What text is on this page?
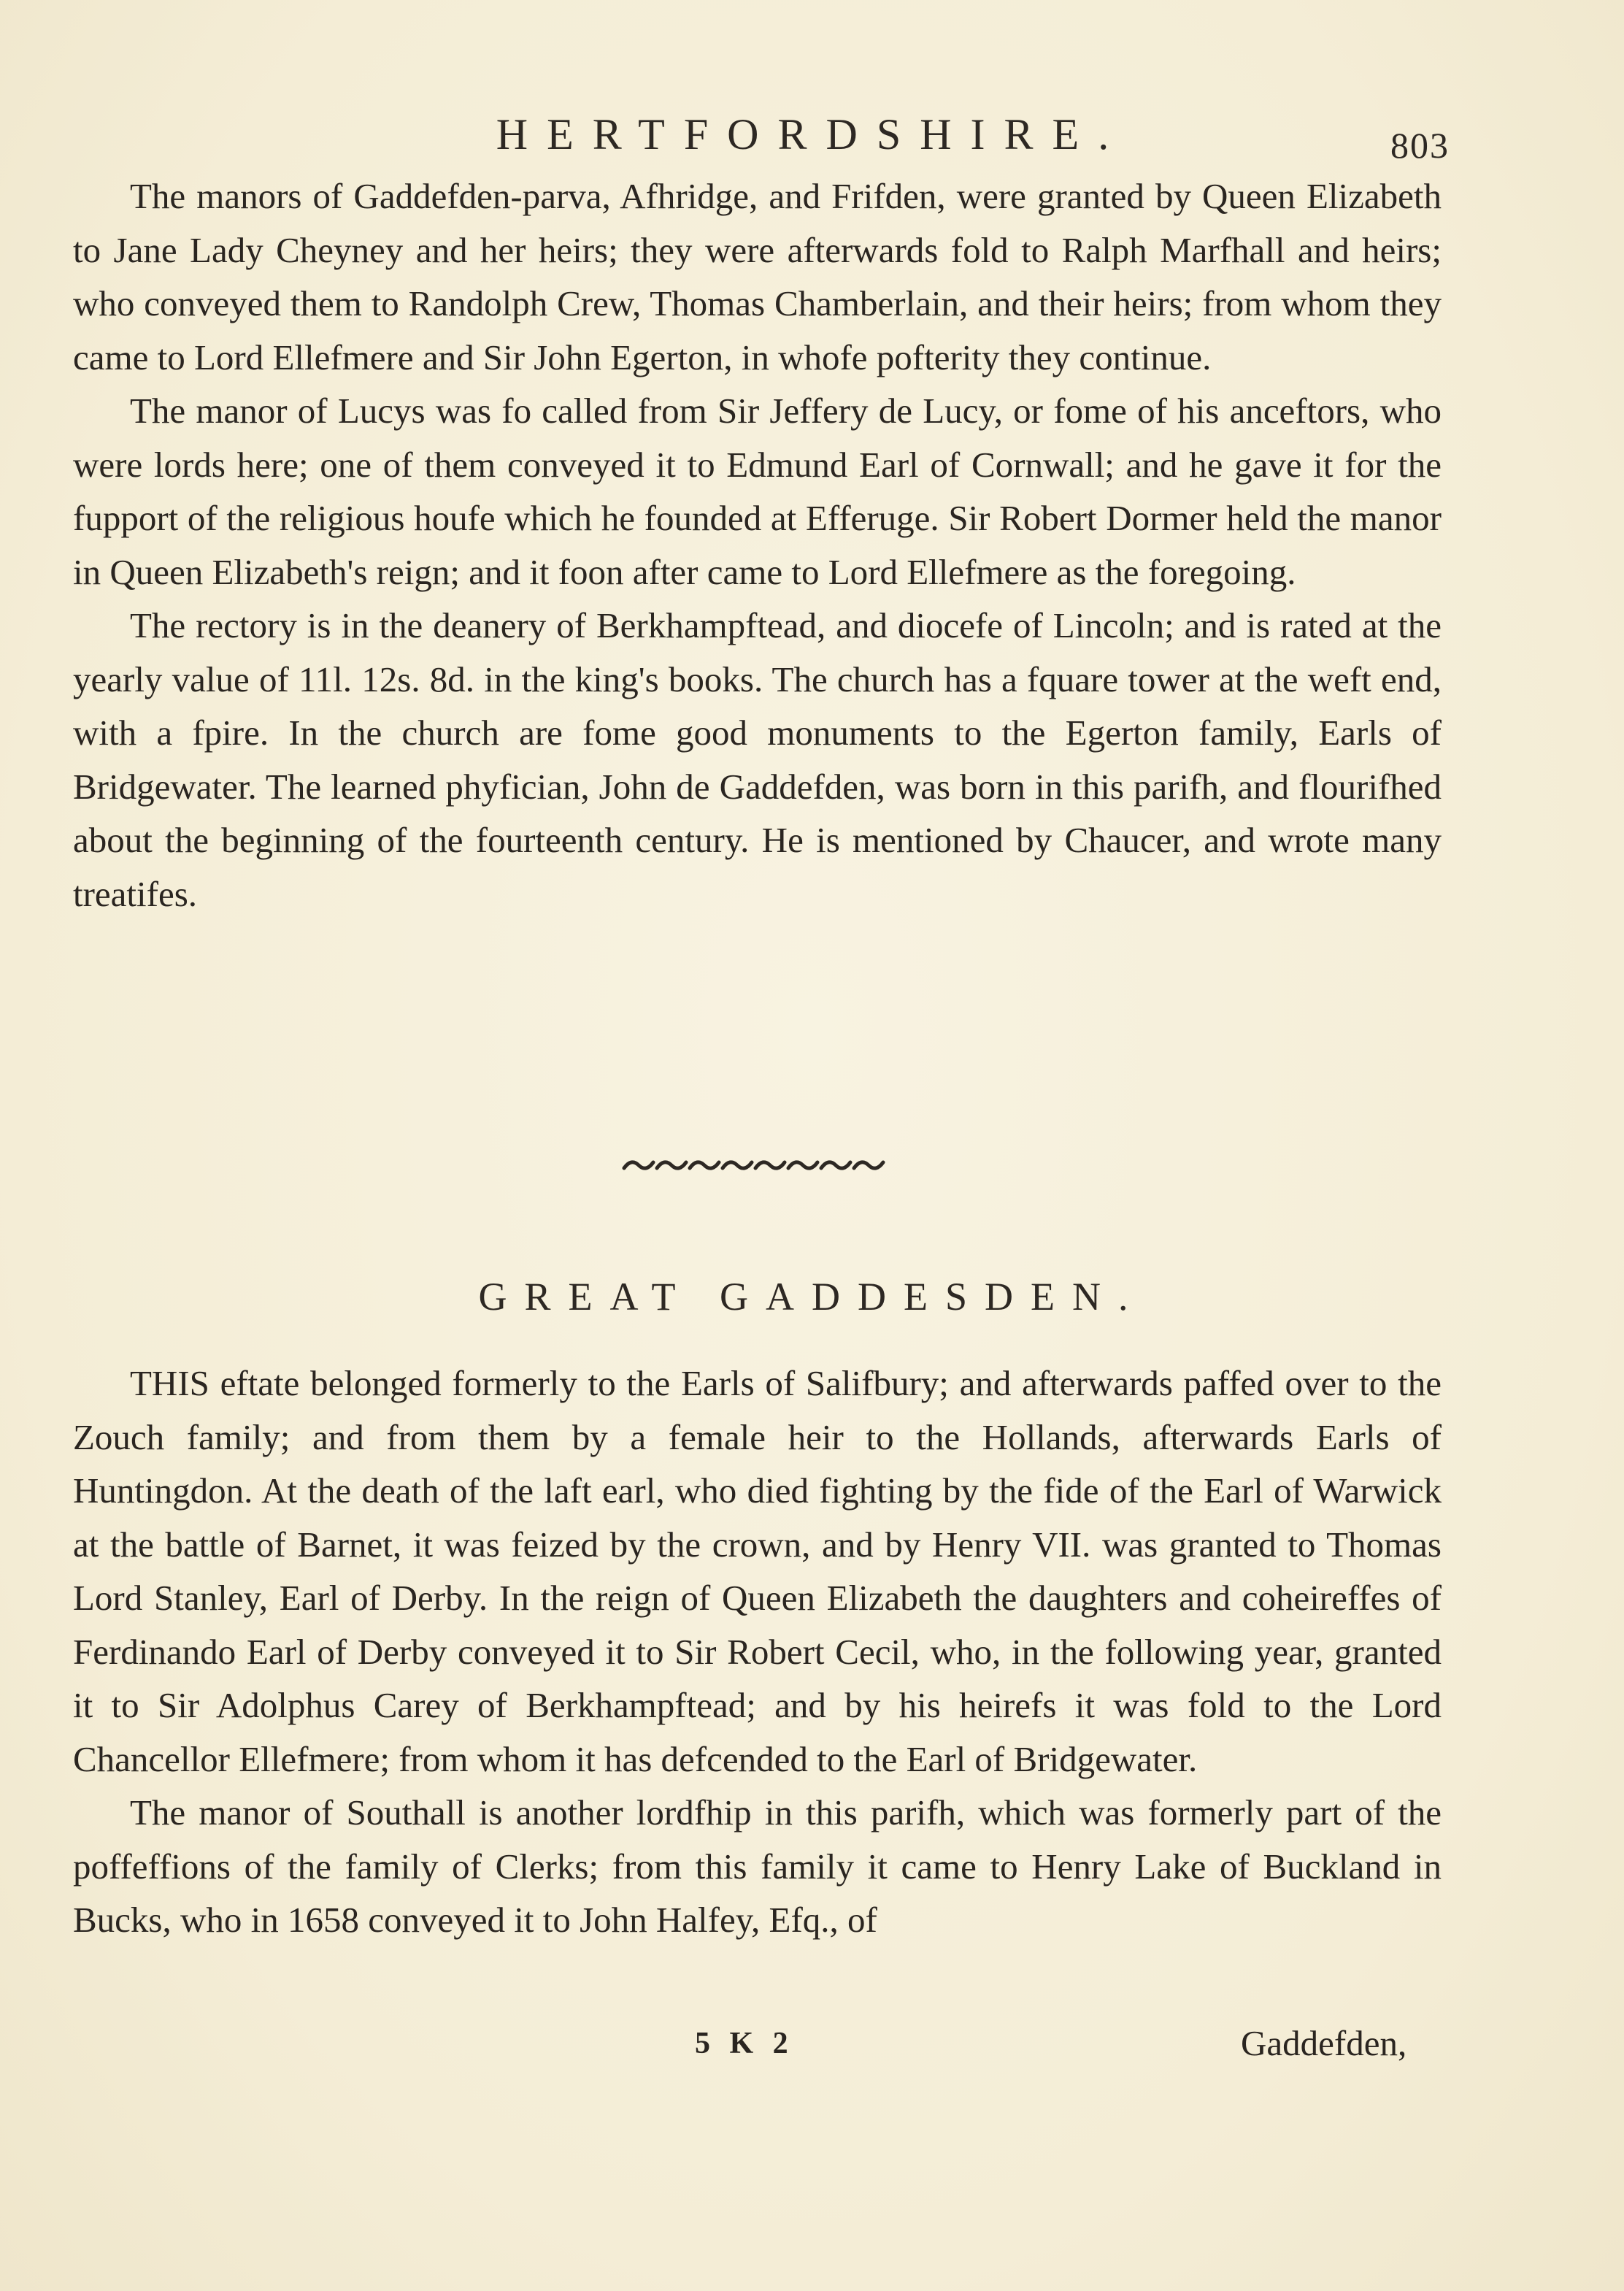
HERTFORDSHIRE.	803

The manors of Gaddefden-parva, Afhridge, and Frifden, were granted by Queen Elizabeth to Jane Lady Cheyney and her heirs; they were afterwards fold to Ralph Marfhall and heirs; who conveyed them to Randolph Crew, Thomas Chamberlain, and their heirs; from whom they came to Lord Ellefmere and Sir John Egerton, in whofe pofterity they continue.

The manor of Lucys was fo called from Sir Jeffery de Lucy, or fome of his anceftors, who were lords here; one of them conveyed it to Edmund Earl of Cornwall; and he gave it for the fupport of the religious houfe which he founded at Efferuge. Sir Robert Dormer held the manor in Queen Elizabeth's reign; and it foon after came to Lord Ellefmere as the foregoing.

The rectory is in the deanery of Berkhampftead, and diocefe of Lincoln; and is rated at the yearly value of 11l. 12s. 8d. in the king's books. The church has a fquare tower at the weft end, with a fpire. In the church are fome good monuments to the Egerton family, Earls of Bridgewater. The learned phyfician, John de Gaddefden, was born in this parifh, and flourifhed about the beginning of the fourteenth century. He is mentioned by Chaucer, and wrote many treatifes.

GREAT GADDESDEN.

THIS eftate belonged formerly to the Earls of Salifbury; and afterwards paffed over to the Zouch family; and from them by a female heir to the Hollands, afterwards Earls of Huntingdon. At the death of the laft earl, who died fighting by the fide of the Earl of Warwick at the battle of Barnet, it was feized by the crown, and by Henry VII. was granted to Thomas Lord Stanley, Earl of Derby. In the reign of Queen Elizabeth the daughters and coheireffes of Ferdinando Earl of Derby conveyed it to Sir Robert Cecil, who, in the following year, granted it to Sir Adolphus Carey of Berkhampftead; and by his heirefs it was fold to the Lord Chancellor Ellefmere; from whom it has defcended to the Earl of Bridgewater.

The manor of Southall is another lordfhip in this parifh, which was formerly part of the poffeffions of the family of Clerks; from this family it came to Henry Lake of Buckland in Bucks, who in 1658 conveyed it to John Halfey, Efq., of

5 K 2	Gaddefden,
